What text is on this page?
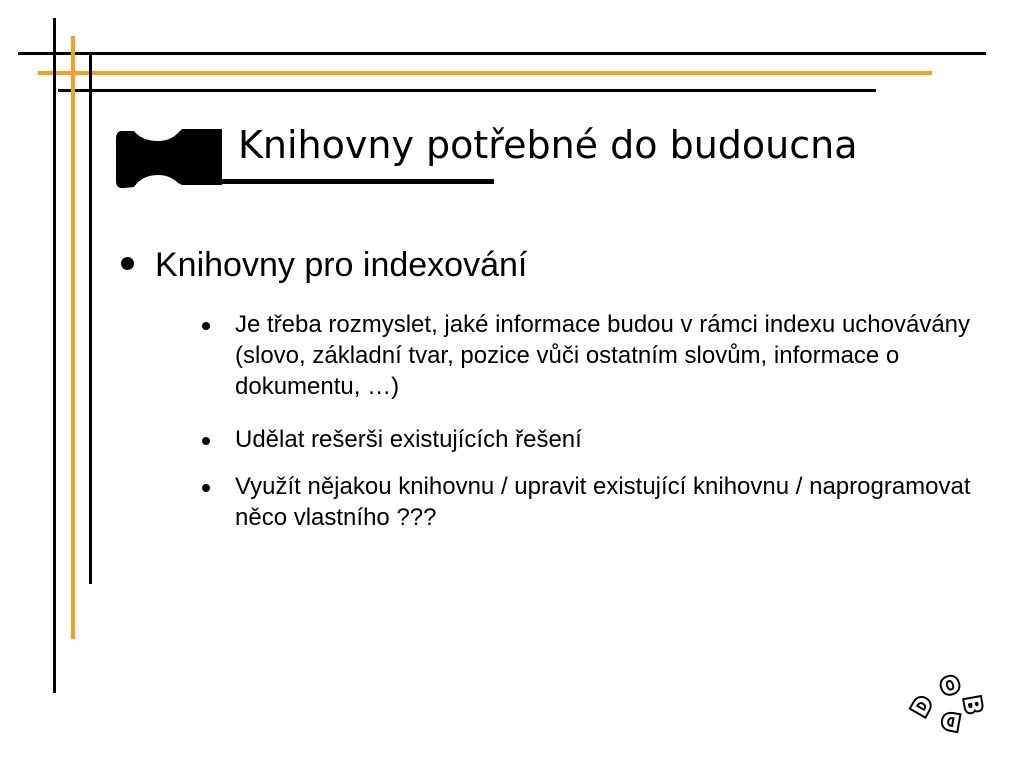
Knihovny potřebné do budoucna
Knihovny pro indexování
Je třeba rozmyslet, jaké informace budou v rámci indexu uchovávány (slovo, základní tvar, pozice vůči ostatním slovům, informace o dokumentu, …)
Udělat rešerši existujících řešení
Využít nějakou knihovnu / upravit existující knihovnu / naprogramovat něco vlastního ???
O
B
D D
